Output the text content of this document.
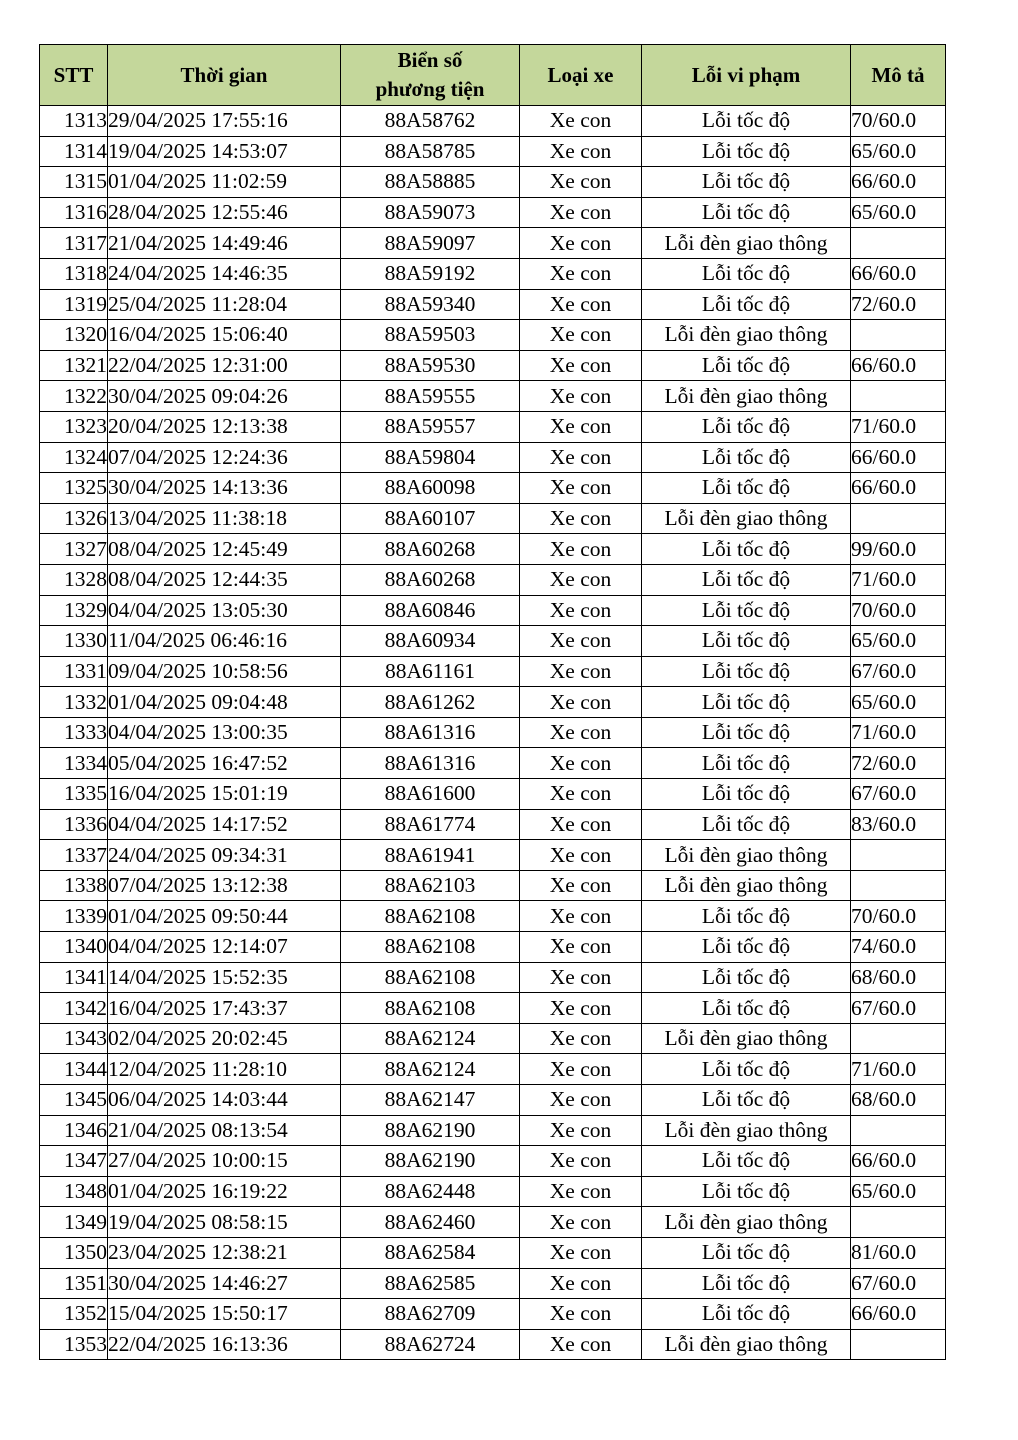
STT	Thời gian	Biển số
phương tiện	Loại xe	Lỗi vi phạm	Mô tả
1313	29/04/2025 17:55:16	88A58762	Xe con	Lỗi tốc độ	70/60.0
1314	19/04/2025 14:53:07	88A58785	Xe con	Lỗi tốc độ	65/60.0
1315	01/04/2025 11:02:59	88A58885	Xe con	Lỗi tốc độ	66/60.0
1316	28/04/2025 12:55:46	88A59073	Xe con	Lỗi tốc độ	65/60.0
1317	21/04/2025 14:49:46	88A59097	Xe con	Lỗi đèn giao thông	
1318	24/04/2025 14:46:35	88A59192	Xe con	Lỗi tốc độ	66/60.0
1319	25/04/2025 11:28:04	88A59340	Xe con	Lỗi tốc độ	72/60.0
1320	16/04/2025 15:06:40	88A59503	Xe con	Lỗi đèn giao thông	
1321	22/04/2025 12:31:00	88A59530	Xe con	Lỗi tốc độ	66/60.0
1322	30/04/2025 09:04:26	88A59555	Xe con	Lỗi đèn giao thông	
1323	20/04/2025 12:13:38	88A59557	Xe con	Lỗi tốc độ	71/60.0
1324	07/04/2025 12:24:36	88A59804	Xe con	Lỗi tốc độ	66/60.0
1325	30/04/2025 14:13:36	88A60098	Xe con	Lỗi tốc độ	66/60.0
1326	13/04/2025 11:38:18	88A60107	Xe con	Lỗi đèn giao thông	
1327	08/04/2025 12:45:49	88A60268	Xe con	Lỗi tốc độ	99/60.0
1328	08/04/2025 12:44:35	88A60268	Xe con	Lỗi tốc độ	71/60.0
1329	04/04/2025 13:05:30	88A60846	Xe con	Lỗi tốc độ	70/60.0
1330	11/04/2025 06:46:16	88A60934	Xe con	Lỗi tốc độ	65/60.0
1331	09/04/2025 10:58:56	88A61161	Xe con	Lỗi tốc độ	67/60.0
1332	01/04/2025 09:04:48	88A61262	Xe con	Lỗi tốc độ	65/60.0
1333	04/04/2025 13:00:35	88A61316	Xe con	Lỗi tốc độ	71/60.0
1334	05/04/2025 16:47:52	88A61316	Xe con	Lỗi tốc độ	72/60.0
1335	16/04/2025 15:01:19	88A61600	Xe con	Lỗi tốc độ	67/60.0
1336	04/04/2025 14:17:52	88A61774	Xe con	Lỗi tốc độ	83/60.0
1337	24/04/2025 09:34:31	88A61941	Xe con	Lỗi đèn giao thông	
1338	07/04/2025 13:12:38	88A62103	Xe con	Lỗi đèn giao thông	
1339	01/04/2025 09:50:44	88A62108	Xe con	Lỗi tốc độ	70/60.0
1340	04/04/2025 12:14:07	88A62108	Xe con	Lỗi tốc độ	74/60.0
1341	14/04/2025 15:52:35	88A62108	Xe con	Lỗi tốc độ	68/60.0
1342	16/04/2025 17:43:37	88A62108	Xe con	Lỗi tốc độ	67/60.0
1343	02/04/2025 20:02:45	88A62124	Xe con	Lỗi đèn giao thông	
1344	12/04/2025 11:28:10	88A62124	Xe con	Lỗi tốc độ	71/60.0
1345	06/04/2025 14:03:44	88A62147	Xe con	Lỗi tốc độ	68/60.0
1346	21/04/2025 08:13:54	88A62190	Xe con	Lỗi đèn giao thông	
1347	27/04/2025 10:00:15	88A62190	Xe con	Lỗi tốc độ	66/60.0
1348	01/04/2025 16:19:22	88A62448	Xe con	Lỗi tốc độ	65/60.0
1349	19/04/2025 08:58:15	88A62460	Xe con	Lỗi đèn giao thông	
1350	23/04/2025 12:38:21	88A62584	Xe con	Lỗi tốc độ	81/60.0
1351	30/04/2025 14:46:27	88A62585	Xe con	Lỗi tốc độ	67/60.0
1352	15/04/2025 15:50:17	88A62709	Xe con	Lỗi tốc độ	66/60.0
1353	22/04/2025 16:13:36	88A62724	Xe con	Lỗi đèn giao thông	
